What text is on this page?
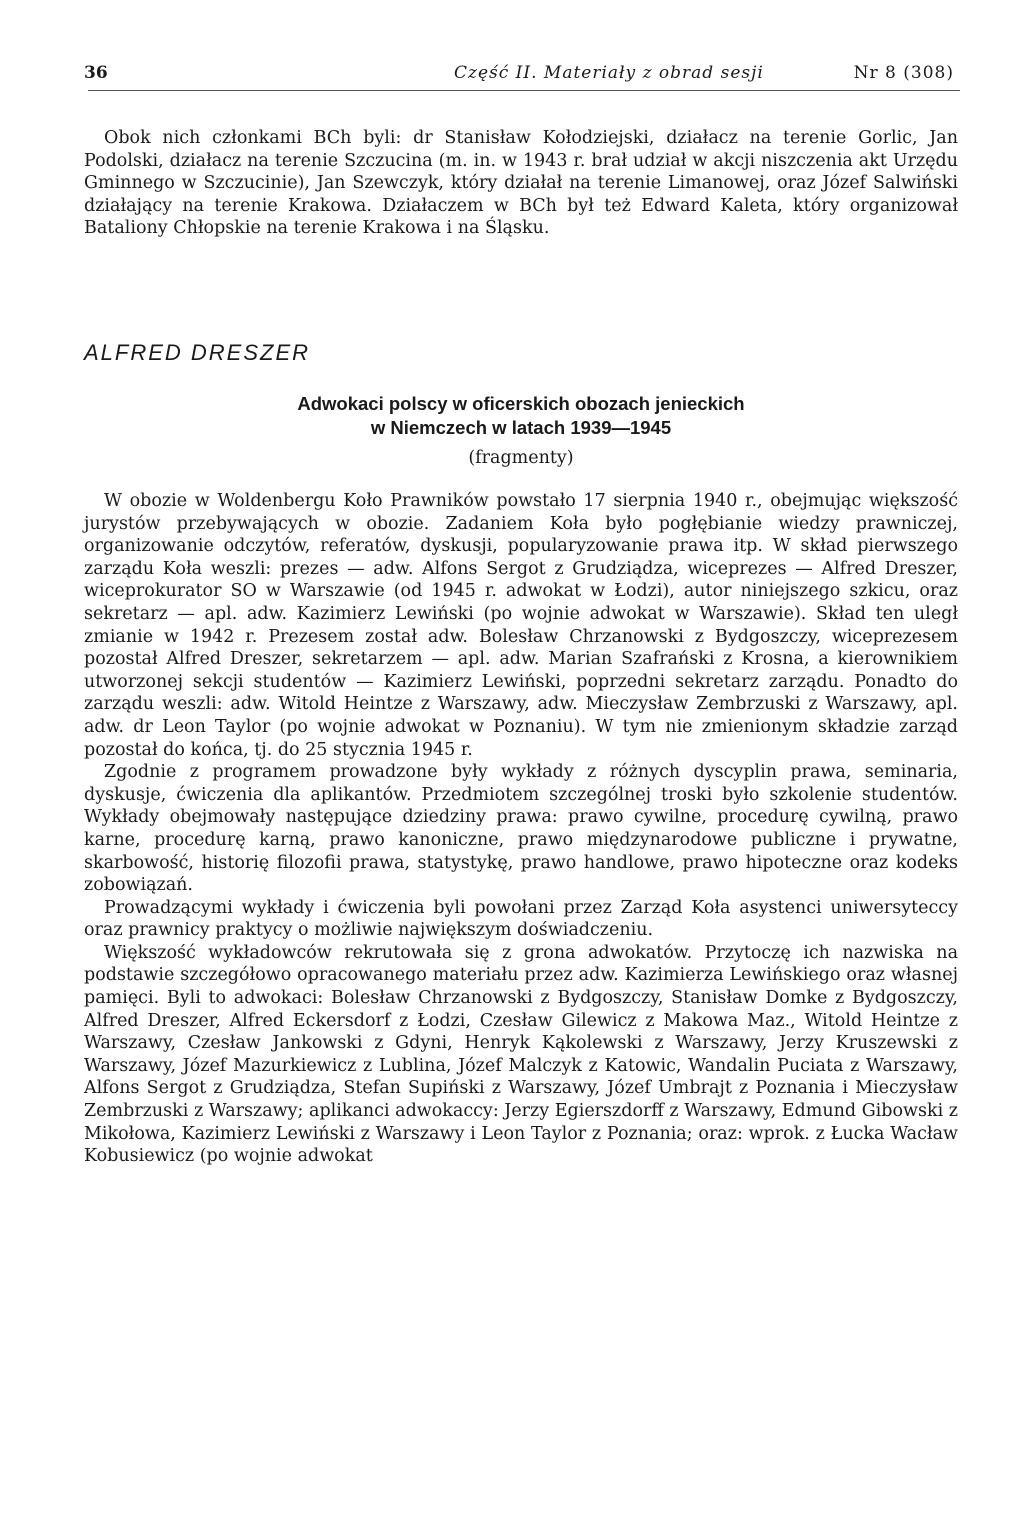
36	Część II. Materiały z obrad sesji	Nr 8 (308)

Obok nich członkami BCh byli: dr Stanisław Kołodziejski, działacz na terenie Gorlic, Jan Podolski, działacz na terenie Szczucina (m. in. w 1943 r. brał udział w akcji niszczenia akt Urzędu Gminnego w Szczucinie), Jan Szewczyk, który działał na terenie Limanowej, oraz Józef Salwiński działający na terenie Krakowa. Działaczem w BCh był też Edward Kaleta, który organizował Bataliony Chłopskie na terenie Krakowa i na Śląsku.

ALFRED DRESZER
Adwokaci polscy w oficerskich obozach jenieckich
w Niemczech w latach 1939—1945
(fragmenty)

W obozie w Woldenbergu Koło Prawników powstało 17 sierpnia 1940 r., obejmując większość jurystów przebywających w obozie. Zadaniem Koła było pogłębianie wiedzy prawniczej, organizowanie odczytów, referatów, dyskusji, popularyzowanie prawa itp. W skład pierwszego zarządu Koła weszli: prezes — adw. Alfons Sergot z Grudziądza, wiceprezes — Alfred Dreszer, wiceprokurator SO w Warszawie (od 1945 r. adwokat w Łodzi), autor niniejszego szkicu, oraz sekretarz — apl. adw. Kazimierz Lewiński (po wojnie adwokat w Warszawie). Skład ten uległ zmianie w 1942 r. Prezesem został adw. Bolesław Chrzanowski z Bydgoszczy, wiceprezesem pozostał Alfred Dreszer, sekretarzem — apl. adw. Marian Szafrański z Krosna, a kierownikiem utworzonej sekcji studentów — Kazimierz Lewiński, poprzedni sekretarz zarządu. Ponadto do zarządu weszli: adw. Witold Heintze z Warszawy, adw. Mieczysław Zembrzuski z Warszawy, apl. adw. dr Leon Taylor (po wojnie adwokat w Poznaniu). W tym nie zmienionym składzie zarząd pozostał do końca, tj. do 25 stycznia 1945 r.

Zgodnie z programem prowadzone były wykłady z różnych dyscyplin prawa, seminaria, dyskusje, ćwiczenia dla aplikantów. Przedmiotem szczególnej troski było szkolenie studentów. Wykłady obejmowały następujące dziedziny prawa: prawo cywilne, procedurę cywilną, prawo karne, procedurę karną, prawo kanoniczne, prawo międzynarodowe publiczne i prywatne, skarbowość, historię filozofii prawa, statystykę, prawo handlowe, prawo hipoteczne oraz kodeks zobowiązań.

Prowadzącymi wykłady i ćwiczenia byli powołani przez Zarząd Koła asystenci uniwersyteccy oraz prawnicy praktycy o możliwie największym doświadczeniu.

Większość wykładowców rekrutowała się z grona adwokatów. Przytoczę ich nazwiska na podstawie szczegółowo opracowanego materiału przez adw. Kazimierza Lewińskiego oraz własnej pamięci. Byli to adwokaci: Bolesław Chrzanowski z Bydgoszczy, Stanisław Domke z Bydgoszczy, Alfred Dreszer, Alfred Eckersdorf z Łodzi, Czesław Gilewicz z Makowa Maz., Witold Heintze z Warszawy, Czesław Jankowski z Gdyni, Henryk Kąkolewski z Warszawy, Jerzy Kruszewski z Warszawy, Józef Mazurkiewicz z Lublina, Józef Malczyk z Katowic, Wandalin Puciata z Warszawy, Alfons Sergot z Grudziądza, Stefan Supiński z Warszawy, Józef Umbrajt z Poznania i Mieczysław Zembrzuski z Warszawy; aplikanci adwokaccy: Jerzy Egierszdorff z Warszawy, Edmund Gibowski z Mikołowa, Kazimierz Lewiński z Warszawy i Leon Taylor z Poznania; oraz: wprok. z Łucka Wacław Kobusiewicz (po wojnie adwokat
